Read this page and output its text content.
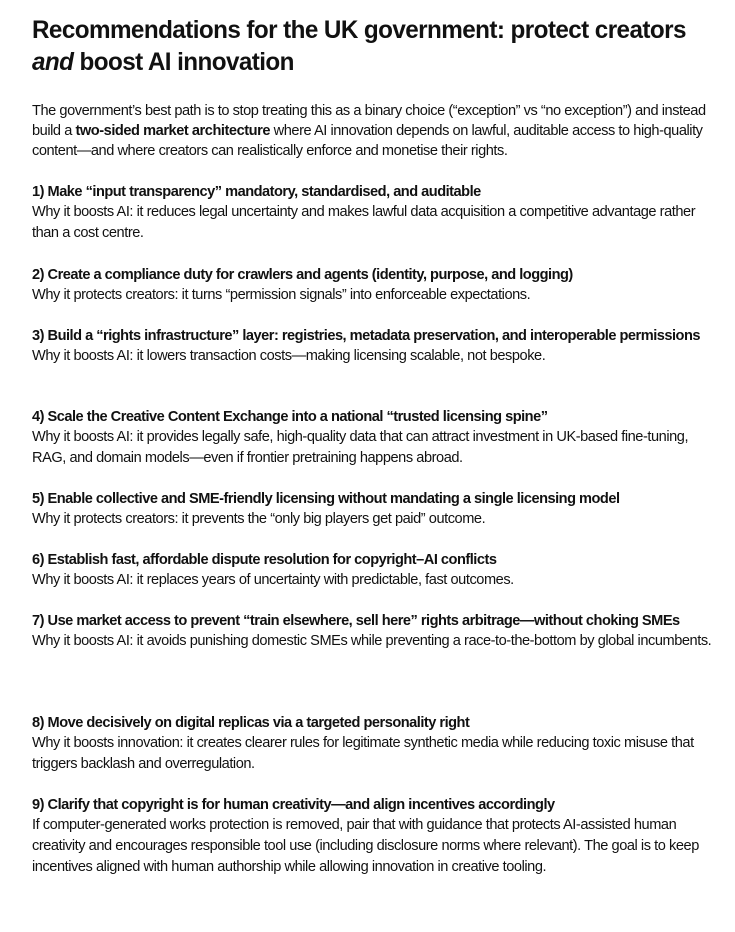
Recommendations for the UK government: protect creators and boost AI innovation

The government’s best path is to stop treating this as a binary choice (“exception” vs “no exception”) and instead build a two-sided market architecture where AI innovation depends on lawful, auditable access to high-quality content—and where creators can realistically enforce and monetise their rights.

1) Make “input transparency” mandatory, standardised, and auditable

Why it boosts AI: it reduces legal uncertainty and makes lawful data acquisition a competitive advantage rather than a cost centre.

2) Create a compliance duty for crawlers and agents (identity, purpose, and logging)

Why it protects creators: it turns “permission signals” into enforceable expectations.

3) Build a “rights infrastructure” layer: registries, metadata preservation, and interoperable permissions

Why it boosts AI: it lowers transaction costs—making licensing scalable, not bespoke.

4) Scale the Creative Content Exchange into a national “trusted licensing spine”

Why it boosts AI: it provides legally safe, high-quality data that can attract investment in UK-based fine-tuning, RAG, and domain models—even if frontier pretraining happens abroad.

5) Enable collective and SME-friendly licensing without mandating a single licensing model

Why it protects creators: it prevents the “only big players get paid” outcome.

6) Establish fast, affordable dispute resolution for copyright–AI conflicts

Why it boosts AI: it replaces years of uncertainty with predictable, fast outcomes.

7) Use market access to prevent “train elsewhere, sell here” rights arbitrage—without choking SMEs

Why it boosts AI: it avoids punishing domestic SMEs while preventing a race-to-the-bottom by global incumbents.

8) Move decisively on digital replicas via a targeted personality right

Why it boosts innovation: it creates clearer rules for legitimate synthetic media while reducing toxic misuse that triggers backlash and overregulation.

9) Clarify that copyright is for human creativity—and align incentives accordingly

If computer-generated works protection is removed, pair that with guidance that protects AI-assisted human creativity and encourages responsible tool use (including disclosure norms where relevant). The goal is to keep incentives aligned with human authorship while allowing innovation in creative tooling.
